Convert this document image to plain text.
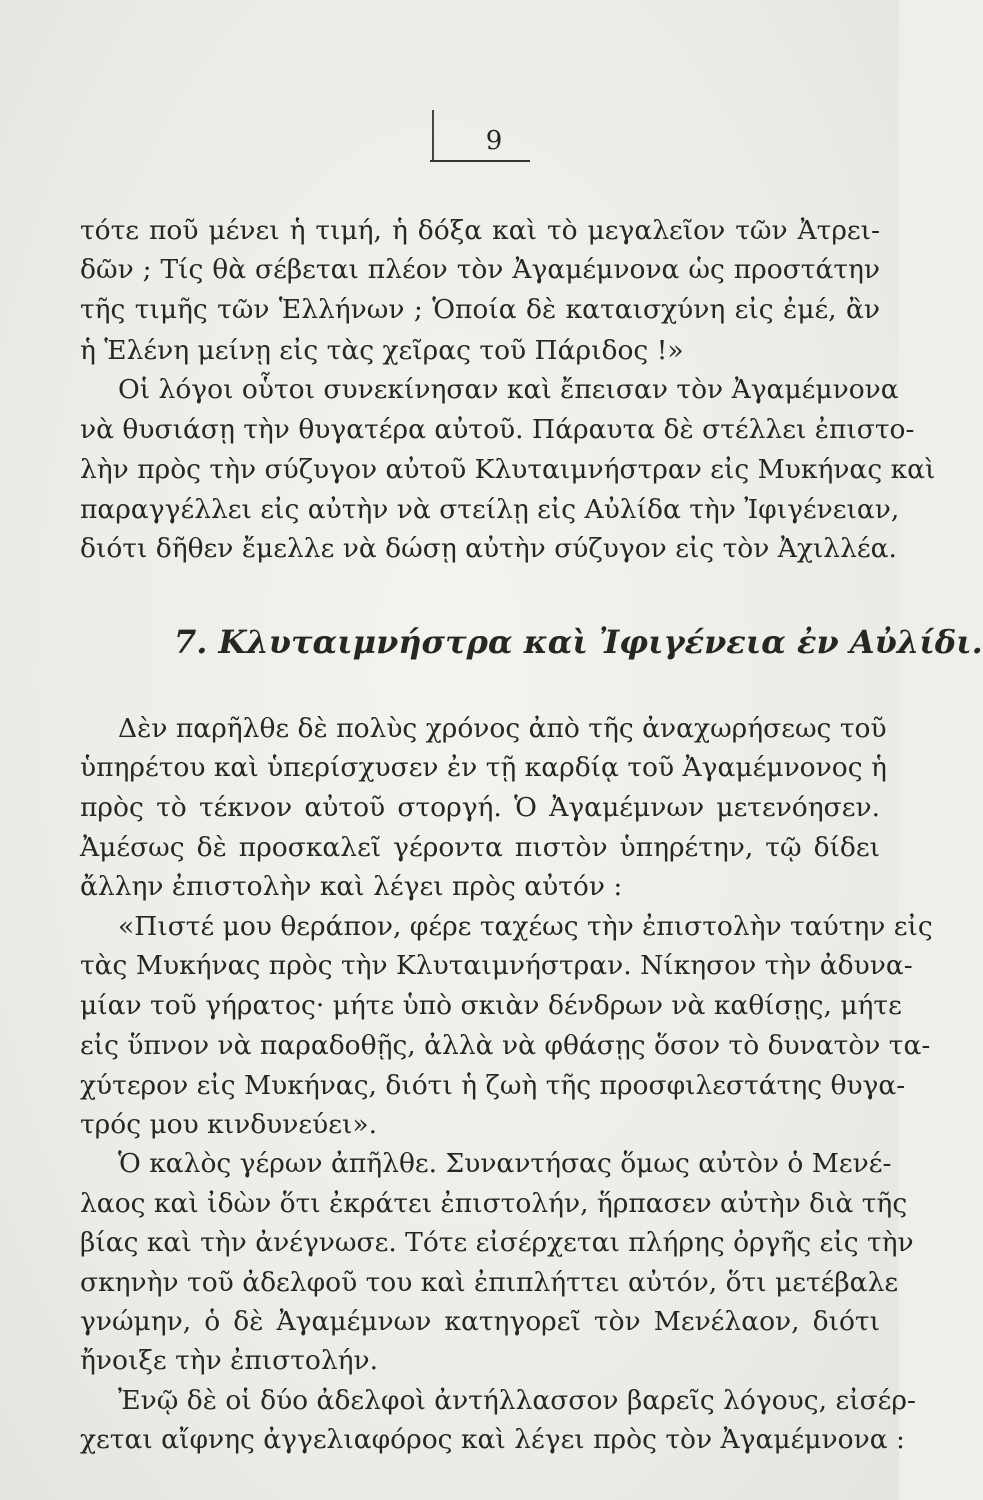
9
τότε ποῦ μένει ἡ τιμή, ἡ δόξα καὶ τὸ μεγαλεῖον τῶν Ἀτρει-
δῶν ; Τίς θὰ σέβεται πλέον τὸν Ἀγαμέμνονα ὡς προστάτην
τῆς τιμῆς τῶν Ἑλλήνων ; Ὁποία δὲ καταισχύνη εἰς ἐμέ, ἂν
ἡ Ἑλένη μείνῃ εἰς τὰς χεῖρας τοῦ Πάριδος !»
Οἱ λόγοι οὗτοι συνεκίνησαν καὶ ἔπεισαν τὸν Ἀγαμέμνονα
νὰ θυσιάσῃ τὴν θυγατέρα αὐτοῦ. Πάραυτα δὲ στέλλει ἐπιστο-
λὴν πρὸς τὴν σύζυγον αὐτοῦ Κλυταιμνήστραν εἰς Μυκήνας καὶ
παραγγέλλει εἰς αὐτὴν νὰ στείλῃ εἰς Αὐλίδα τὴν Ἰφιγένειαν,
διότι δῆθεν ἔμελλε νὰ δώσῃ αὐτὴν σύζυγον εἰς τὸν Ἀχιλλέα.
7. Κλυταιμνήστρα καὶ Ἰφιγένεια ἐν Αὐλίδι.
Δὲν παρῆλθε δὲ πολὺς χρόνος ἀπὸ τῆς ἀναχωρήσεως τοῦ
ὑπηρέτου καὶ ὑπερίσχυσεν ἐν τῇ καρδίᾳ τοῦ Ἀγαμέμνονος ἡ
πρὸς τὸ τέκνον αὐτοῦ στοργή. Ὁ Ἀγαμέμνων μετενόησεν.
Ἀμέσως δὲ προσκαλεῖ γέροντα πιστὸν ὑπηρέτην, τῷ δίδει
ἄλλην ἐπιστολὴν καὶ λέγει πρὸς αὐτόν :
«Πιστέ μου θεράπον, φέρε ταχέως τὴν ἐπιστολὴν ταύτην εἰς
τὰς Μυκήνας πρὸς τὴν Κλυταιμνήστραν. Νίκησον τὴν ἀδυνα-
μίαν τοῦ γήρατος· μήτε ὑπὸ σκιὰν δένδρων νὰ καθίσῃς, μήτε
εἰς ὕπνον νὰ παραδοθῇς, ἀλλὰ νὰ φθάσῃς ὅσον τὸ δυνατὸν τα-
χύτερον εἰς Μυκήνας, διότι ἡ ζωὴ τῆς προσφιλεστάτης θυγα-
τρός μου κινδυνεύει».
Ὁ καλὸς γέρων ἀπῆλθε. Συναντήσας ὅμως αὐτὸν ὁ Μενέ-
λαος καὶ ἰδὼν ὅτι ἐκράτει ἐπιστολήν, ἥρπασεν αὐτὴν διὰ τῆς
βίας καὶ τὴν ἀνέγνωσε. Τότε εἰσέρχεται πλήρης ὀργῆς εἰς τὴν
σκηνὴν τοῦ ἀδελφοῦ του καὶ ἐπιπλήττει αὐτόν, ὅτι μετέβαλε
γνώμην, ὁ δὲ Ἀγαμέμνων κατηγορεῖ τὸν Μενέλαον, διότι
ἤνοιξε τὴν ἐπιστολήν.
Ἐνῷ δὲ οἱ δύο ἀδελφοὶ ἀντήλλασσον βαρεῖς λόγους, εἰσέρ-
χεται αἴφνης ἀγγελιαφόρος καὶ λέγει πρὸς τὸν Ἀγαμέμνονα :
